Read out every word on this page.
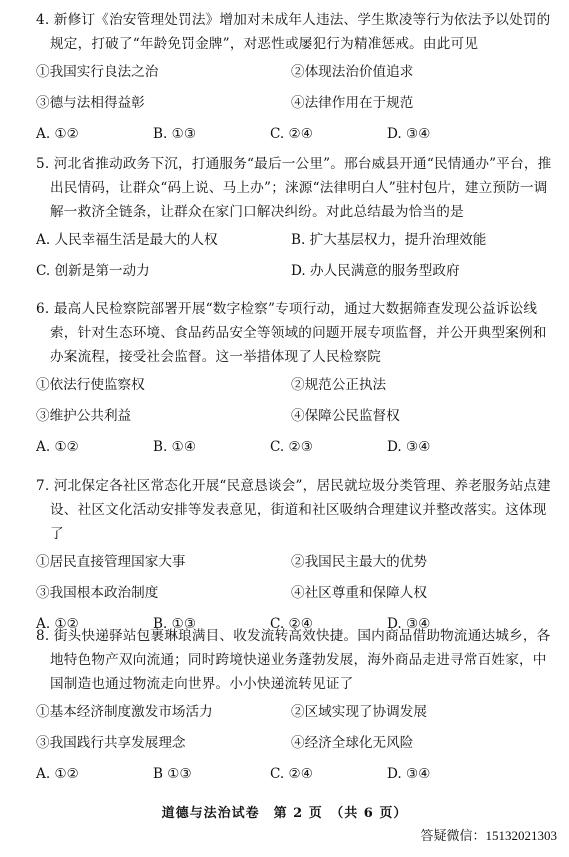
4. 新修订《治安管理处罚法》增加对未成年人违法、学生欺凌等行为依法予以处罚的规定，打破了“年龄免罚金牌”，对恶性或屡犯行为精准惩戒。由此可见

①我国实行良法之治	②体现法治价值追求
③德与法相得益彰	④法律作用在于规范
A. ①②	B. ①③	C. ②④	D. ③④

5. 河北省推动政务下沉，打通服务“最后一公里”。邢台威县开通“民情通办”平台，推出民情码，让群众“码上说、马上办”；涞源“法律明白人”驻村包片，建立预防一调解一救济全链条，让群众在家门口解决纠纷。对此总结最为恰当的是

A. 人民幸福生活是最大的人权	B. 扩大基层权力，提升治理效能
C. 创新是第一动力	D. 办人民满意的服务型政府

6. 最高人民检察院部署开展“数字检察”专项行动，通过大数据筛查发现公益诉讼线索，针对生态环境、食品药品安全等领域的问题开展专项监督，并公开典型案例和办案流程，接受社会监督。这一举措体现了人民检察院

①依法行使监察权	②规范公正执法
③维护公共利益	④保障公民监督权
A. ①②	B. ①④	C. ②③	D. ③④

7. 河北保定各社区常态化开展“民意恳谈会”，居民就垃圾分类管理、养老服务站点建设、社区文化活动安排等发表意见，街道和社区吸纳合理建议并整改落实。这体现了

①居民直接管理国家大事	②我国民主最大的优势
③我国根本政治制度	④社区尊重和保障人权
A. ①②	B. ①③	C. ②④	D. ③④

8. 街头快递驿站包裹琳琅满目、收发流转高效快捷。国内商品借助物流通达城乡，各地特色物产双向流通；同时跨境快递业务蓬勃发展，海外商品走进寻常百姓家，中国制造也通过物流走向世界。小小快递流转见证了

①基本经济制度激发市场活力	②区域实现了协调发展
③我国践行共享发展理念	④经济全球化无风险
A. ①②	B ①③	C. ②④	D. ③④
道德与法治试卷　第 2 页　（共 6 页）
答疑微信：15132021303
